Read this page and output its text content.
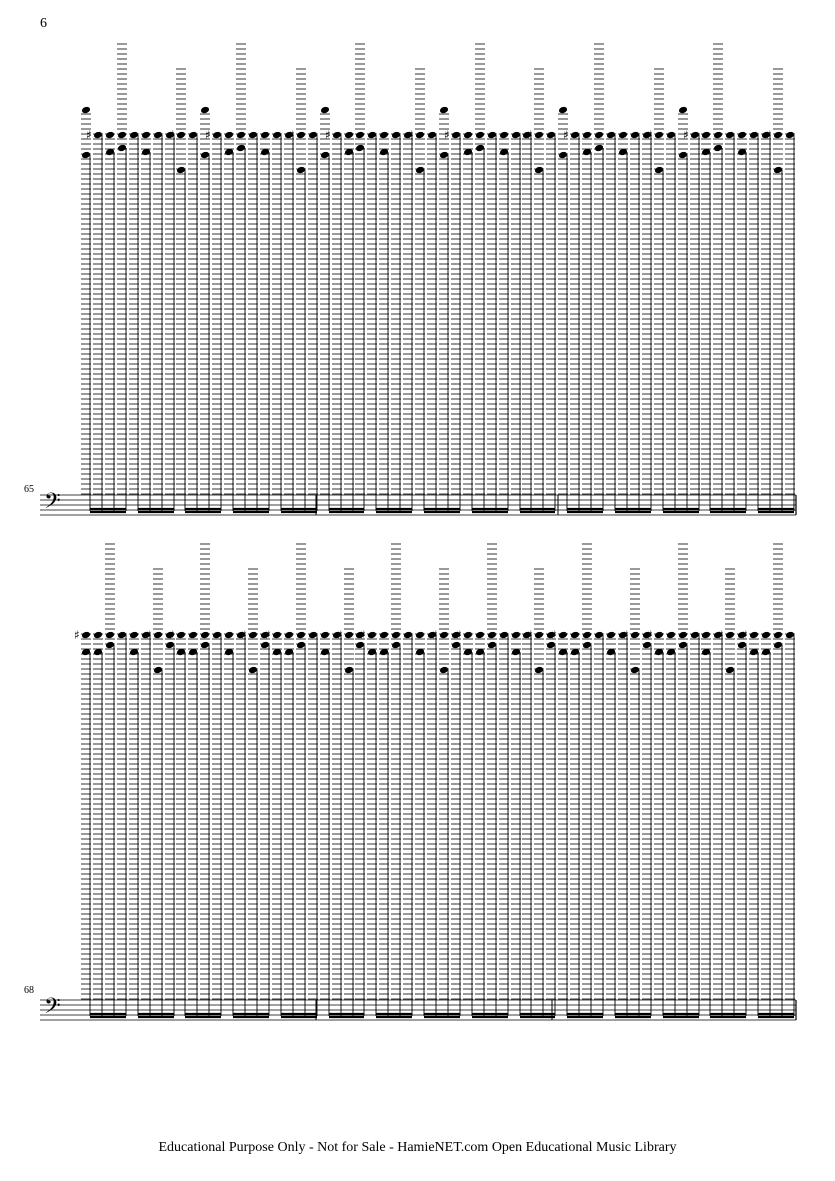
6
65
68
𝄢
♯	♯	♯	♯	♯	♯	♯	♯	♯	♯	♯	♯
𝄢
♯	♯ ♯	♯ ♯	♯ ♯	♯ ♯	♯ ♯	♯ ♯	♯ ♯
Educational Purpose Only - Not for Sale - HamieNET.com Open Educational Music Library
